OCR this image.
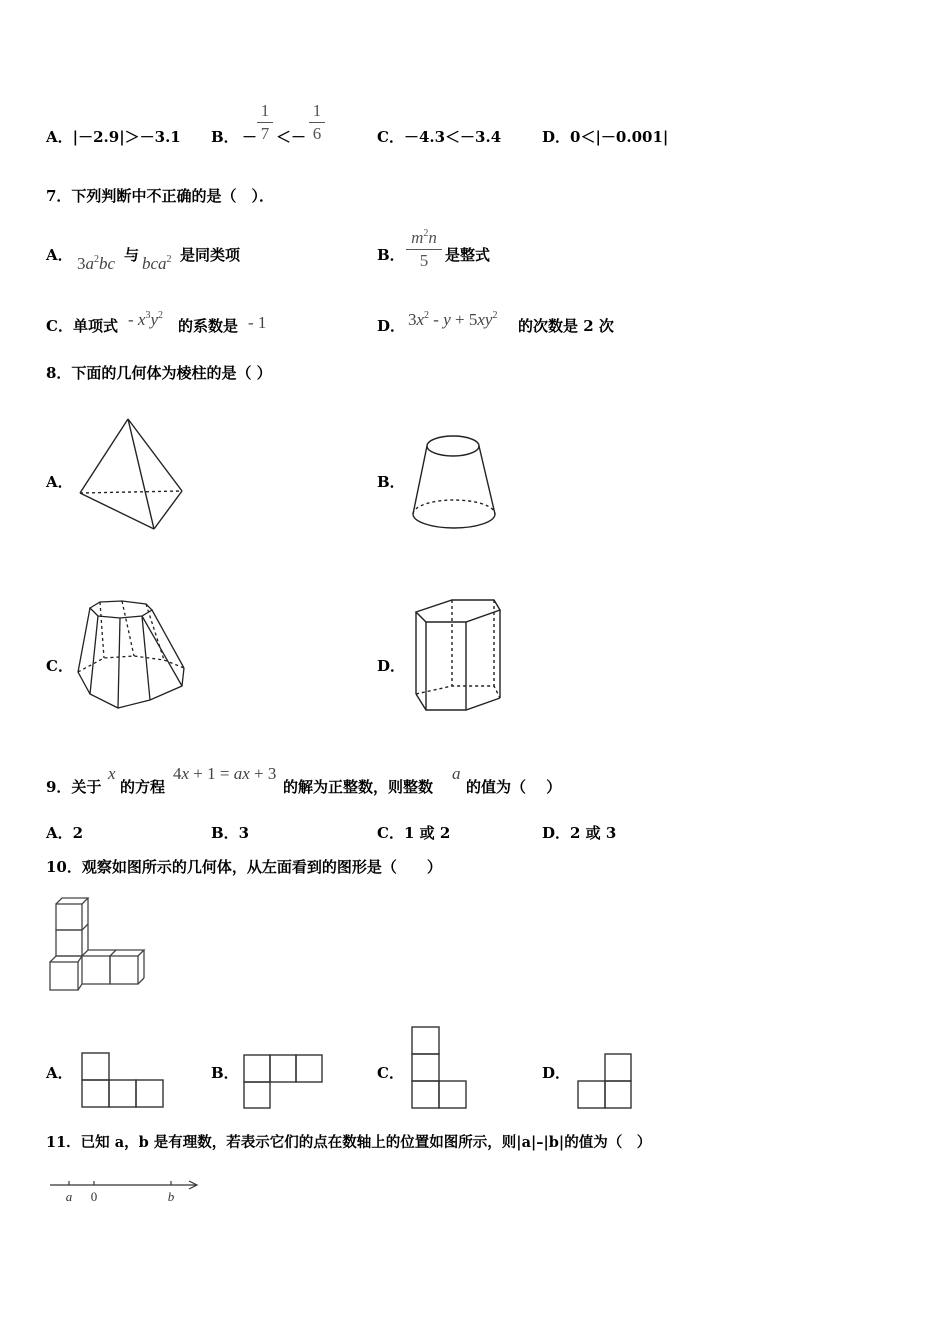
A．|－2.9|＞－3.1 B． －
1
7 ＜－
1
6	C．－4.3＜－3.4	D．0＜|－0.001|
7．下列判断中不正确的是（　）．
A． $3a^2bc$ 与 bca$^2$ 是同类项	B．
$m^2n$
5	是整式
C．单项式 - $x^3y^2$
的系数是 - 1	D． $3x^2 - y + 5xy^2$
的次数是 2 次
8．下面的几何体为棱柱的是（ ）
A．	B．
C．	D．
9．关于
x
的方程
4x + 1 = ax + 3
的解为正整数，则整数
a
的值为（　 ）
A．2	B．3	C．1 或 2	D．2 或 3
10．观察如图所示的几何体，从左面看到的图形是（　　）
A．	B．	C．	D．
11．已知 a，b 是有理数，若表示它们的点在数轴上的位置如图所示，则|a|–|b|的值为（　）
a 0	b
